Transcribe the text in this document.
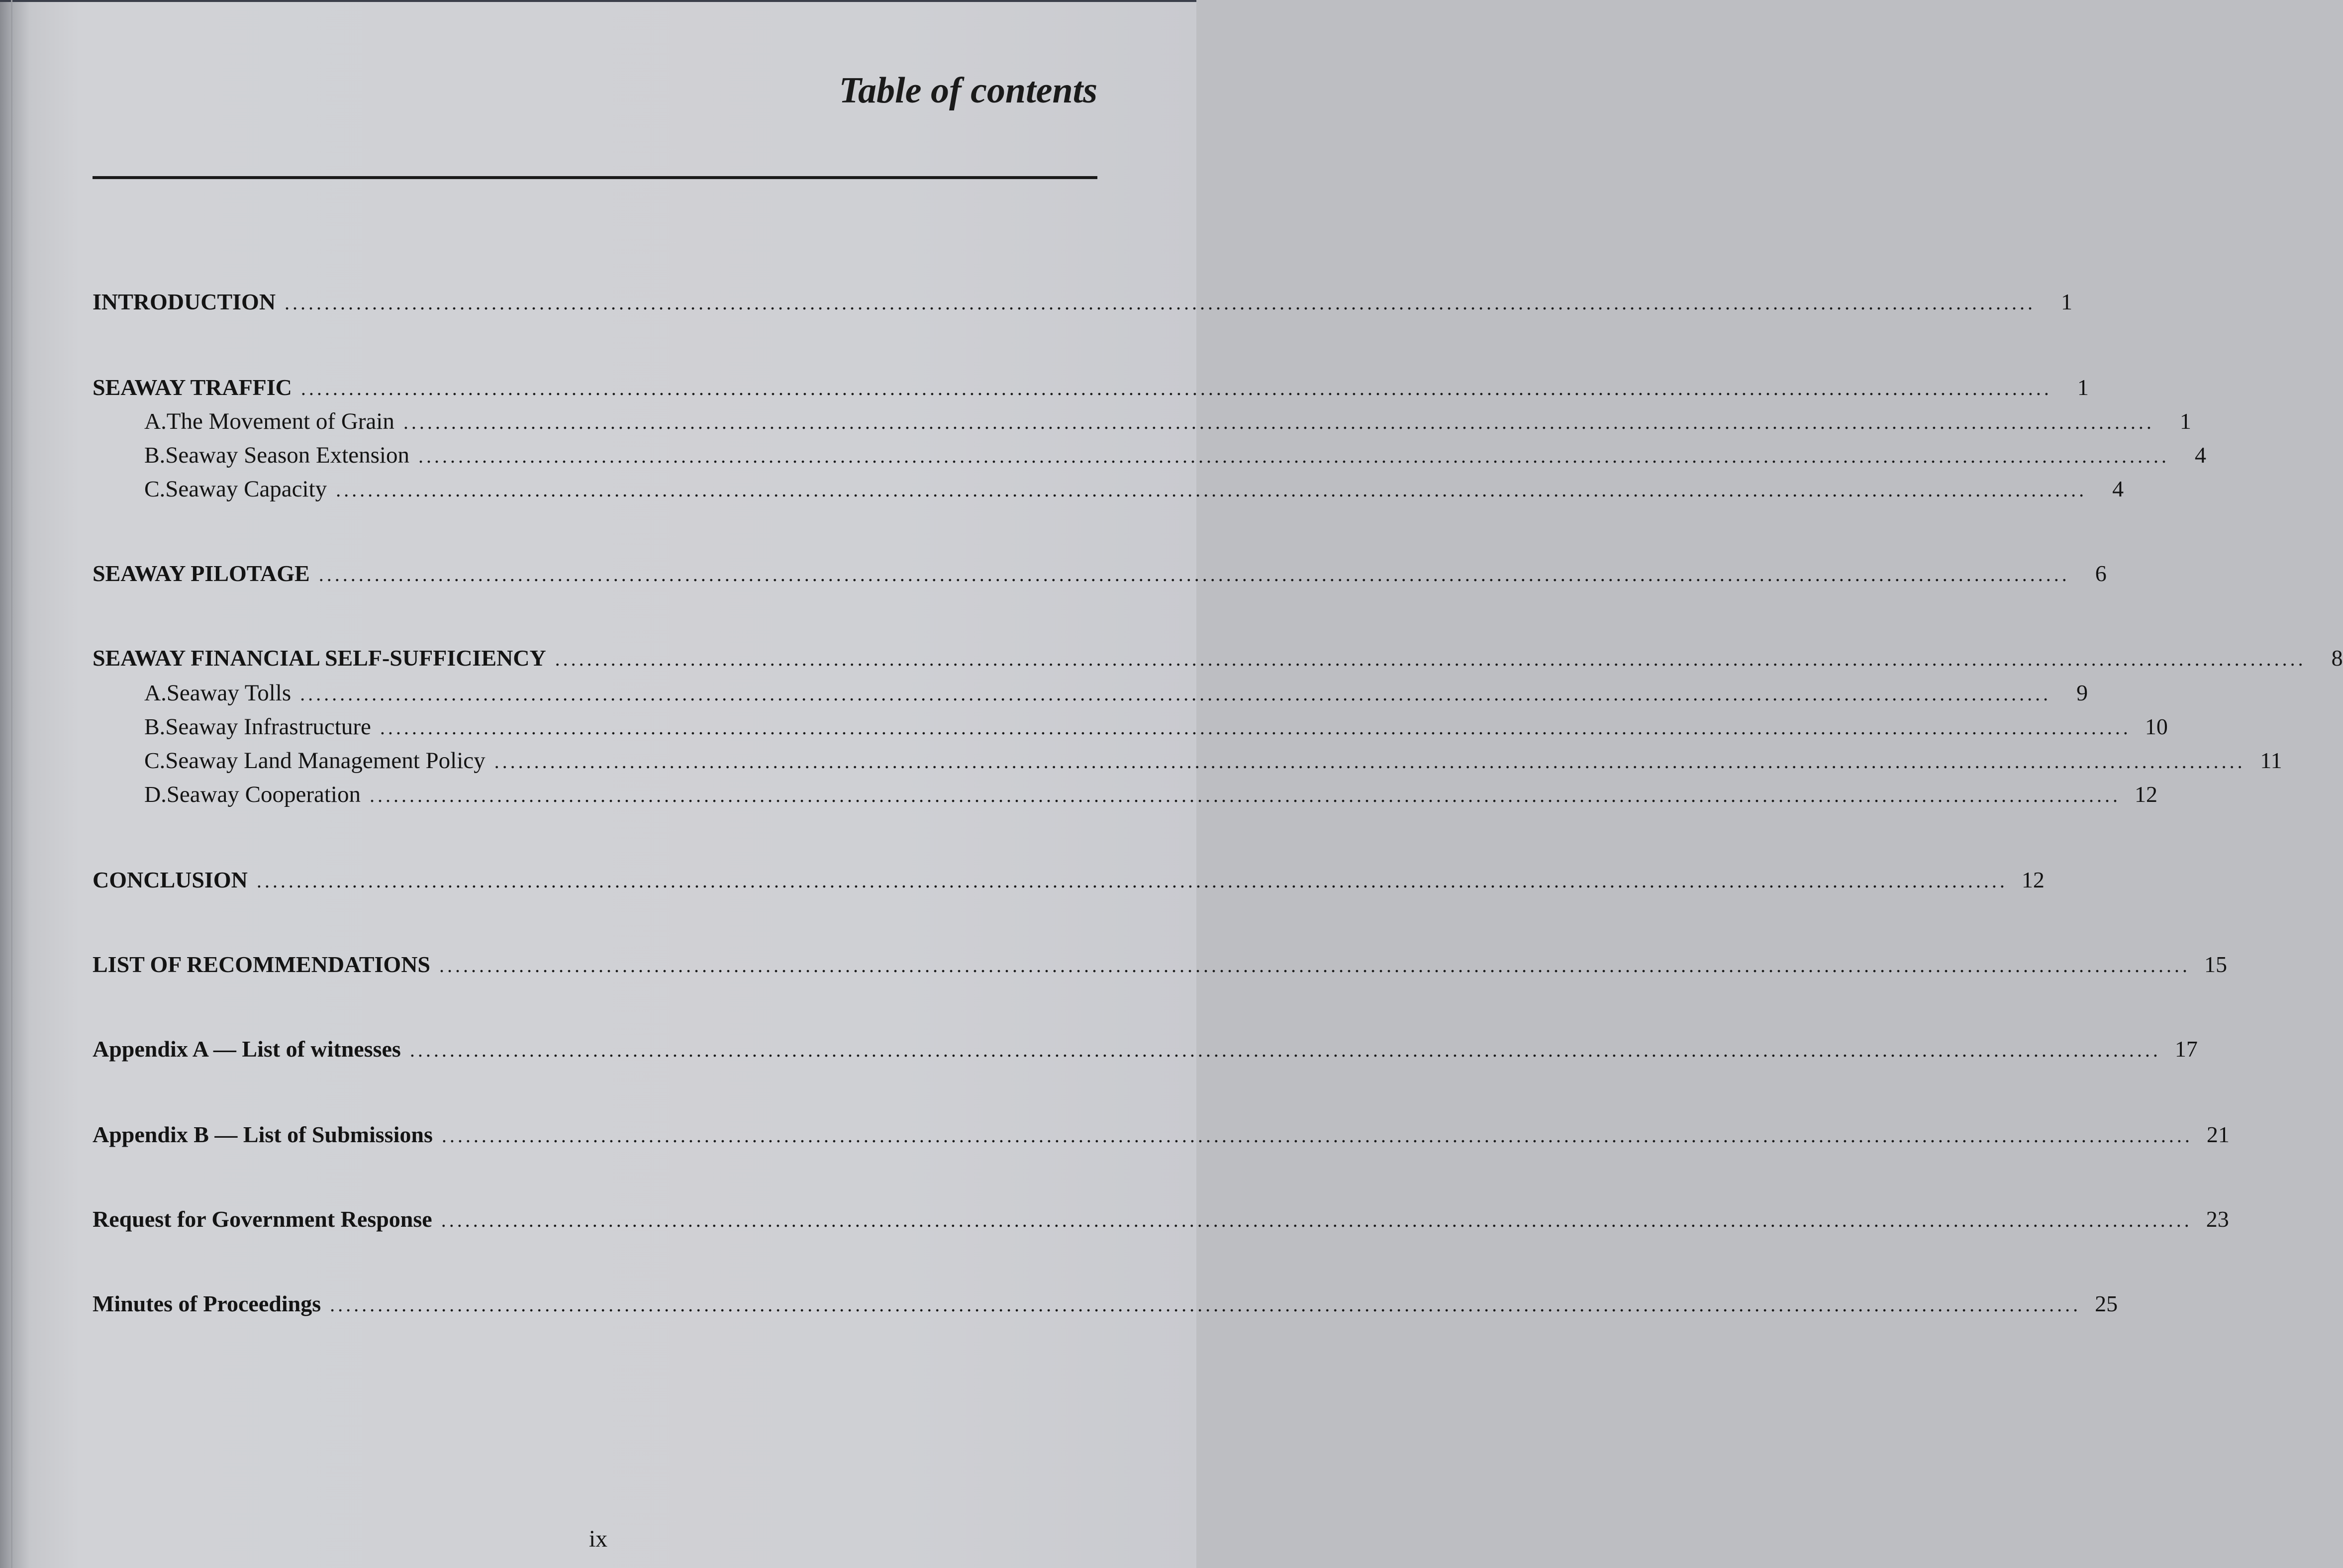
Table of contents
INTRODUCTION ............................................................................................................................................................................................................................	1
SEAWAY TRAFFIC ............................................................................................................................................................................................................................	1
A. The Movement of Grain ............................................................................................................................................................................................................................	1
B. Seaway Season Extension ............................................................................................................................................................................................................................	4
C. Seaway Capacity ............................................................................................................................................................................................................................	4
SEAWAY PILOTAGE ............................................................................................................................................................................................................................	6
SEAWAY FINANCIAL SELF-SUFFICIENCY ............................................................................................................................................................................................................................	8
A. Seaway Tolls ............................................................................................................................................................................................................................	9
B. Seaway Infrastructure ............................................................................................................................................................................................................................ 10
C. Seaway Land Management Policy ............................................................................................................................................................................................................................ 11
D. Seaway Cooperation ............................................................................................................................................................................................................................ 12
CONCLUSION ............................................................................................................................................................................................................................ 12
LIST OF RECOMMENDATIONS ............................................................................................................................................................................................................................ 15
Appendix A — List of witnesses ............................................................................................................................................................................................................................ 17
Appendix B — List of Submissions ............................................................................................................................................................................................................................ 21
Request for Government Response ............................................................................................................................................................................................................................ 23
Minutes of Proceedings ............................................................................................................................................................................................................................ 25
ix
